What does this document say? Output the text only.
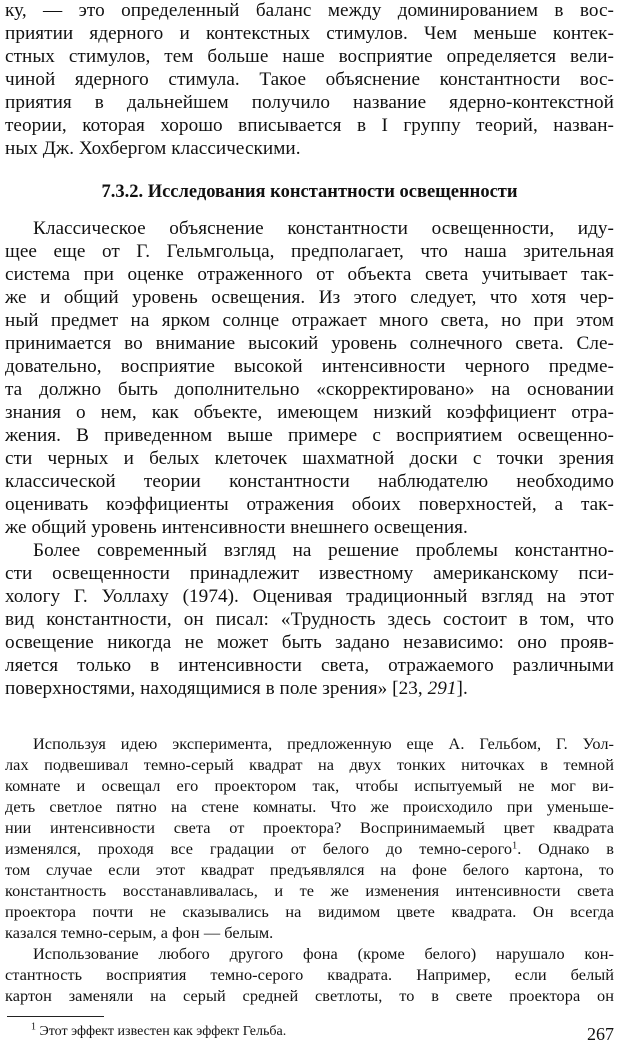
ку, — это определенный баланс между доминированием в вос-
приятии ядерного и контекстных стимулов. Чем меньше контек-
стных стимулов, тем больше наше восприятие определяется вели-
чиной ядерного стимула. Такое объяснение константности вос-
приятия в дальнейшем получило название ядерно-контекстной
теории, которая хорошо вписывается в I группу теорий, назван-
ных Дж. Хохбергом классическими.
7.3.2. Исследования константности освещенности
Классическое объяснение константности освещенности, иду-
щее еще от Г. Гельмгольца, предполагает, что наша зрительная
система при оценке отраженного от объекта света учитывает так-
же и общий уровень освещения. Из этого следует, что хотя чер-
ный предмет на ярком солнце отражает много света, но при этом
принимается во внимание высокий уровень солнечного света. Сле-
довательно, восприятие высокой интенсивности черного предме-
та должно быть дополнительно «скорректировано» на основании
знания о нем, как объекте, имеющем низкий коэффициент отра-
жения. В приведенном выше примере с восприятием освещенно-
сти черных и белых клеточек шахматной доски с точки зрения
классической теории константности наблюдателю необходимо
оценивать коэффициенты отражения обоих поверхностей, а так-
же общий уровень интенсивности внешнего освещения.
Более современный взгляд на решение проблемы константно-
сти освещенности принадлежит известному американскому пси-
хологу Г. Уоллаху (1974). Оценивая традиционный взгляд на этот
вид константности, он писал: «Трудность здесь состоит в том, что
освещение никогда не может быть задано независимо: оно прояв-
ляется только в интенсивности света, отражаемого различными
поверхностями, находящимися в поле зрения» [23, 291].
Используя идею эксперимента, предложенную еще А. Гельбом, Г. Уол-
лах подвешивал темно-серый квадрат на двух тонких ниточках в темной
комнате и освещал его проектором так, чтобы испытуемый не мог ви-
деть светлое пятно на стене комнаты. Что же происходило при уменьше-
нии интенсивности света от проектора? Воспринимаемый цвет квадрата
изменялся, проходя все градации от белого до темно-серого$^1$. Однако в
том случае если этот квадрат предъявлялся на фоне белого картона, то
константность восстанавливалась, и те же изменения интенсивности света
проектора почти не сказывались на видимом цвете квадрата. Он всегда
казался темно-серым, а фон — белым.
Использование любого другого фона (кроме белого) нарушало кон-
стантность восприятия темно-серого квадрата. Например, если белый
картон заменяли на серый средней светлоты, то в свете проектора он
$^1$ Этот эффект известен как эффект Гельба.	267
